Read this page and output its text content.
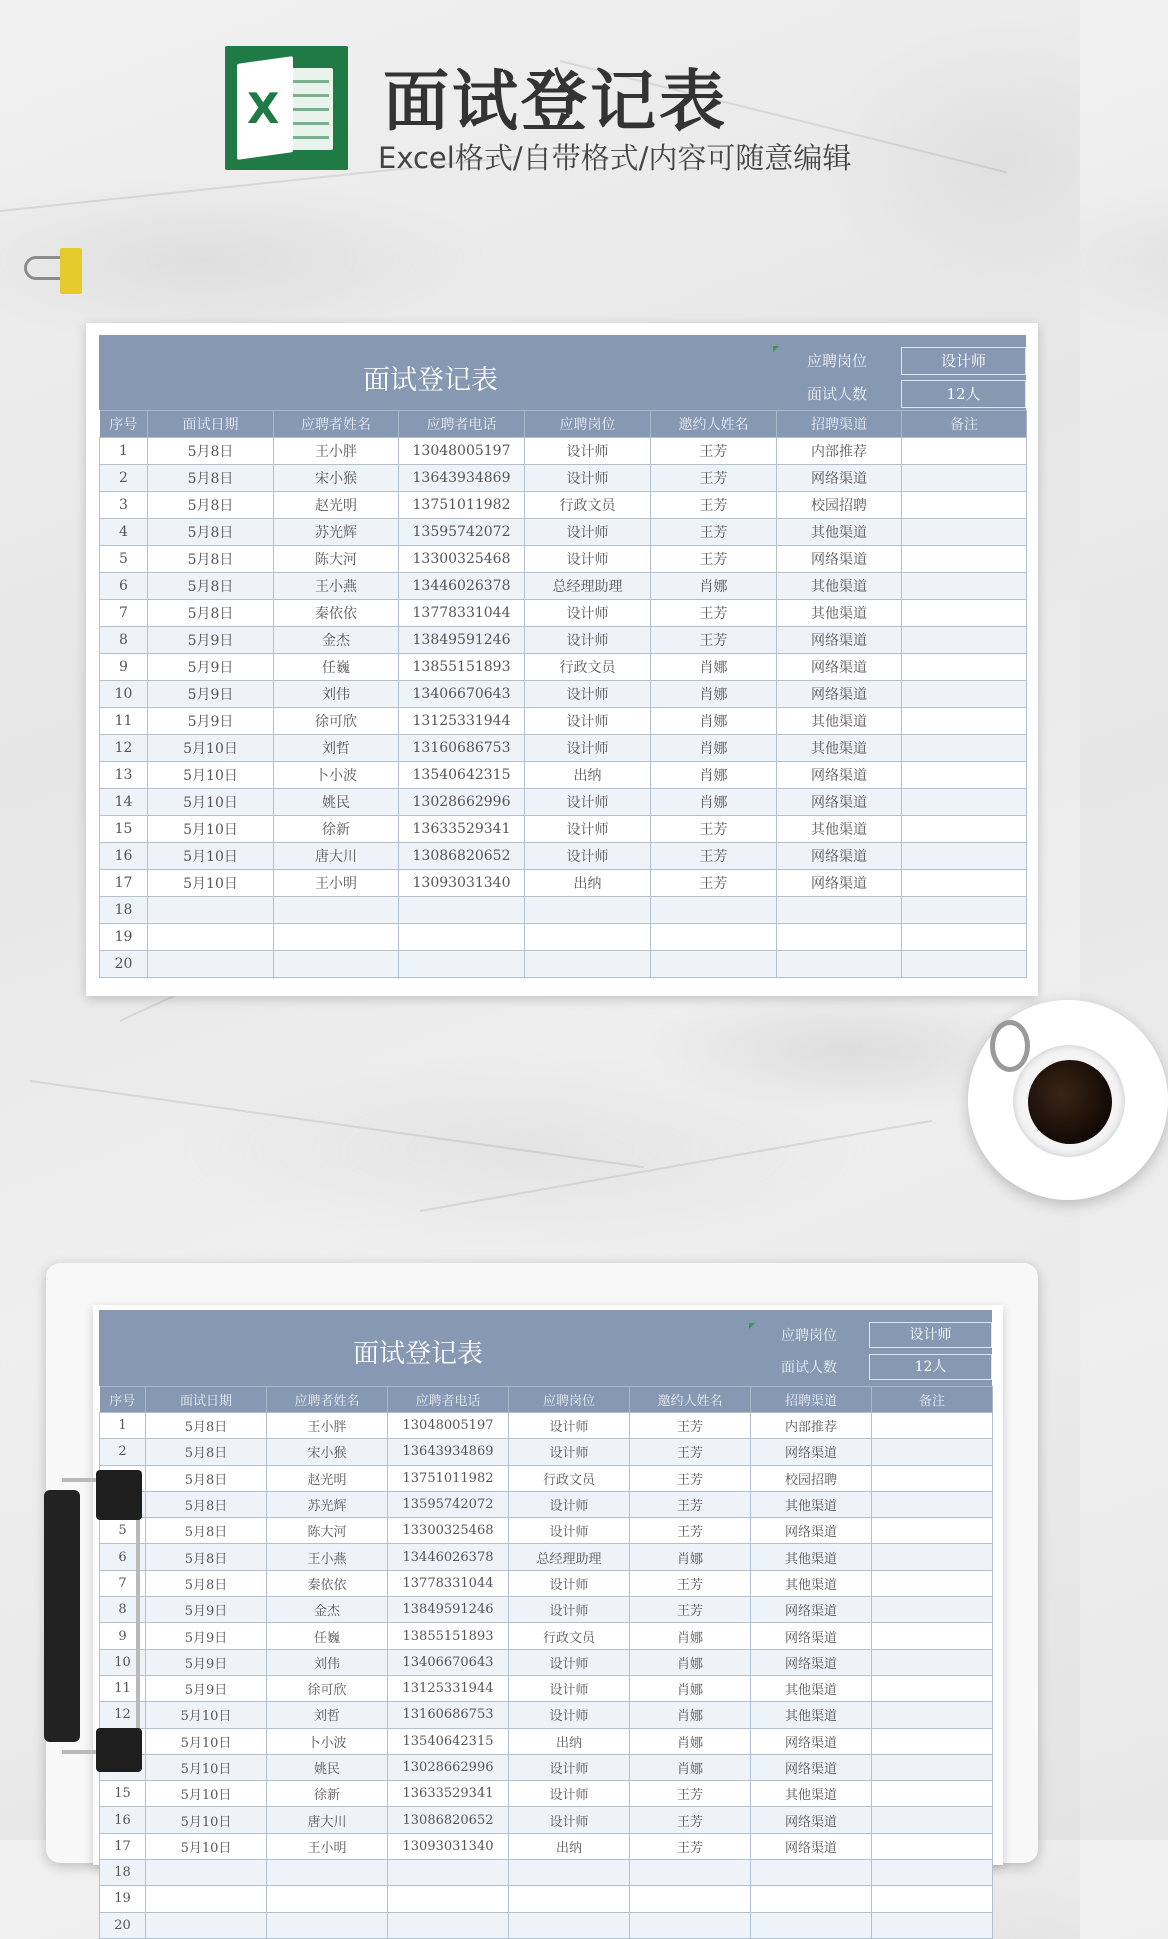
X 面试登记表
Excel格式/自带格式/内容可随意编辑
面试登记表
应聘岗位	设计师
面试人数	12人
序号	面试日期	应聘者姓名	应聘者电话	应聘岗位	邀约人姓名	招聘渠道	备注
1	5月8日	王小胖	13048005197	设计师	王芳	内部推荐	
2	5月8日	宋小猴	13643934869	设计师	王芳	网络渠道	
3	5月8日	赵光明	13751011982	行政文员	王芳	校园招聘	
4	5月8日	苏光辉	13595742072	设计师	王芳	其他渠道	
5	5月8日	陈大河	13300325468	设计师	王芳	网络渠道	
6	5月8日	王小燕	13446026378	总经理助理	肖娜	其他渠道	
7	5月8日	秦依依	13778331044	设计师	王芳	其他渠道	
8	5月9日	金杰	13849591246	设计师	王芳	网络渠道	
9	5月9日	任巍	13855151893	行政文员	肖娜	网络渠道	
10	5月9日	刘伟	13406670643	设计师	肖娜	网络渠道	
11	5月9日	徐可欣	13125331944	设计师	肖娜	其他渠道	
12	5月10日	刘哲	13160686753	设计师	肖娜	其他渠道	
13	5月10日	卜小波	13540642315	出纳	肖娜	网络渠道	
14	5月10日	姚民	13028662996	设计师	肖娜	网络渠道	
15	5月10日	徐新	13633529341	设计师	王芳	其他渠道	
16	5月10日	唐大川	13086820652	设计师	王芳	网络渠道	
17	5月10日	王小明	13093031340	出纳	王芳	网络渠道	
18							
19							
20							
面试登记表
应聘岗位	设计师
面试人数	12人
序号	面试日期	应聘者姓名	应聘者电话	应聘岗位	邀约人姓名	招聘渠道	备注
1	5月8日	王小胖	13048005197	设计师	王芳	内部推荐	
2	5月8日	宋小猴	13643934869	设计师	王芳	网络渠道	
	5月8日	赵光明	13751011982	行政文员	王芳	校园招聘	
	5月8日	苏光辉	13595742072	设计师	王芳	其他渠道	
5	5月8日	陈大河	13300325468	设计师	王芳	网络渠道	
6	5月8日	王小燕	13446026378	总经理助理	肖娜	其他渠道	
7	5月8日	秦依依	13778331044	设计师	王芳	其他渠道	
8	5月9日	金杰	13849591246	设计师	王芳	网络渠道	
9	5月9日	任巍	13855151893	行政文员	肖娜	网络渠道	
10	5月9日	刘伟	13406670643	设计师	肖娜	网络渠道	
11	5月9日	徐可欣	13125331944	设计师	肖娜	其他渠道	
12	5月10日	刘哲	13160686753	设计师	肖娜	其他渠道	
	5月10日	卜小波	13540642315	出纳	肖娜	网络渠道	
	5月10日	姚民	13028662996	设计师	肖娜	网络渠道	
15	5月10日	徐新	13633529341	设计师	王芳	其他渠道	
16	5月10日	唐大川	13086820652	设计师	王芳	网络渠道	
17	5月10日	王小明	13093031340	出纳	王芳	网络渠道	
18							
19							
20							
